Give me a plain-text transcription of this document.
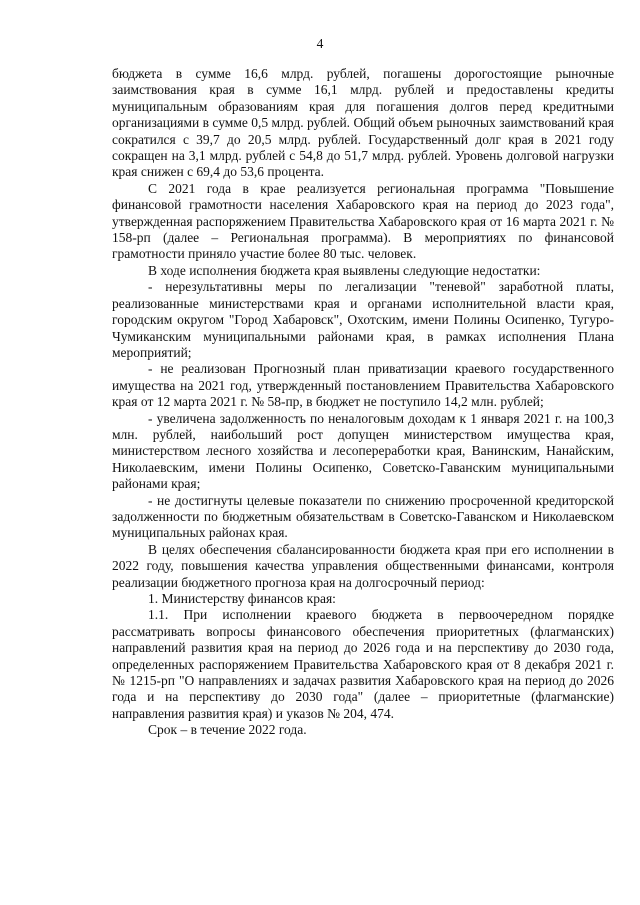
4

бюджета в сумме 16,6 млрд. рублей, погашены дорогостоящие рыночные заимствования края в сумме 16,1 млрд. рублей и предоставлены кредиты муниципальным образованиям края для погашения долгов перед кредитными организациями в сумме 0,5 млрд. рублей. Общий объем рыночных заимствований края сократился с 39,7 до 20,5 млрд. рублей. Государственный долг края в 2021 году сокращен на 3,1 млрд. рублей с 54,8 до 51,7 млрд. рублей. Уровень долговой нагрузки края снижен с 69,4 до 53,6 процента.

С 2021 года в крае реализуется региональная программа "Повышение финансовой грамотности населения Хабаровского края на период до 2023 года", утвержденная распоряжением Правительства Хабаровского края от 16 марта 2021 г. № 158-рп (далее – Региональная программа). В мероприятиях по финансовой грамотности приняло участие более 80 тыс. человек.

В ходе исполнения бюджета края выявлены следующие недостатки:

- нерезультативны меры по легализации "теневой" заработной платы, реализованные министерствами края и органами исполнительной власти края, городским округом "Город Хабаровск", Охотским, имени Полины Осипенко, Тугуро-Чумиканским муниципальными районами края, в рамках исполнения Плана мероприятий;

- не реализован Прогнозный план приватизации краевого государственного имущества на 2021 год, утвержденный постановлением Правительства Хабаровского края от 12 марта 2021 г. № 58-пр, в бюджет не поступило 14,2 млн. рублей;

- увеличена задолженность по неналоговым доходам к 1 января 2021 г. на 100,3 млн. рублей, наибольший рост допущен министерством имущества края, министерством лесного хозяйства и лесопереработки края, Ванинским, Нанайским, Николаевским, имени Полины Осипенко, Советско-Гаванским муниципальными районами края;

- не достигнуты целевые показатели по снижению просроченной кредиторской задолженности по бюджетным обязательствам в Советско-Гаванском и Николаевском муниципальных районах края.

В целях обеспечения сбалансированности бюджета края при его исполнении в 2022 году, повышения качества управления общественными финансами, контроля реализации бюджетного прогноза края на долгосрочный период:

1. Министерству финансов края:

1.1. При исполнении краевого бюджета в первоочередном порядке рассматривать вопросы финансового обеспечения приоритетных (флагманских) направлений развития края на период до 2026 года и на перспективу до 2030 года, определенных распоряжением Правительства Хабаровского края от 8 декабря 2021 г. № 1215-рп "О направлениях и задачах развития Хабаровского края на период до 2026 года и на перспективу до 2030 года" (далее – приоритетные (флагманские) направления развития края) и указов № 204, 474.

Срок – в течение 2022 года.
